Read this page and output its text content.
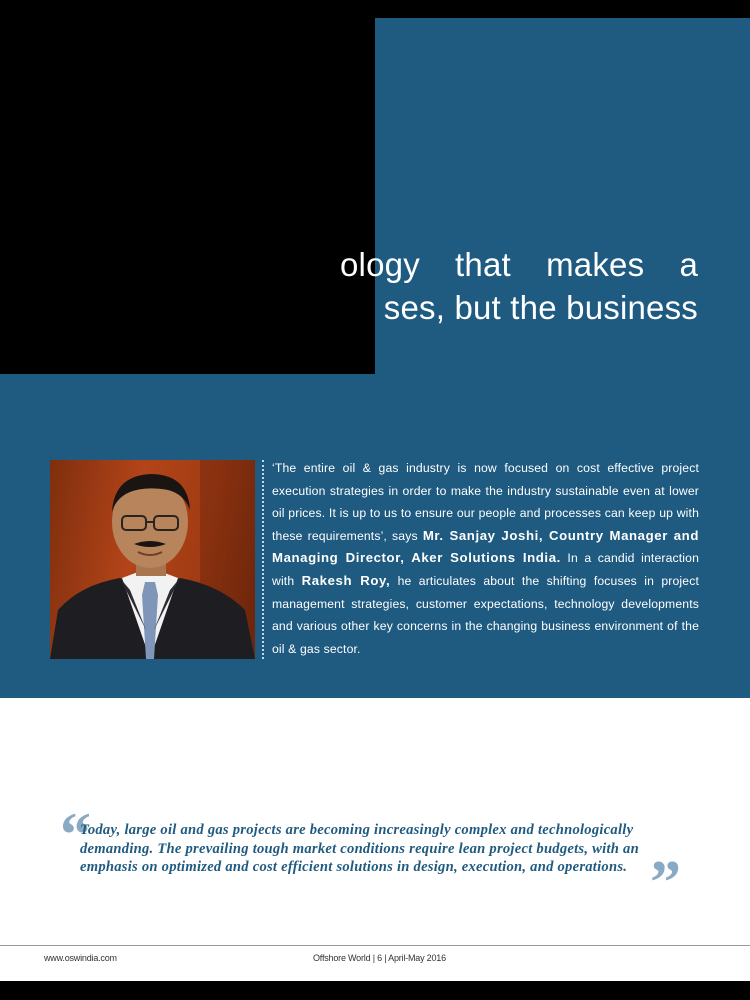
ology that makes a
ses, but the business
‘The entire oil & gas industry is now focused on cost effective project execution strategies in order to make the industry sustainable even at lower oil prices. It is up to us to ensure our people and processes can keep up with these requirements’, says Mr. Sanjay Joshi, Country Manager and Managing Director, Aker Solutions India. In a candid interaction with Rakesh Roy, he articulates about the shifting focuses in project management strategies, customer expectations, technology developments and various other key concerns in the changing business environment of the oil & gas sector.
“
Today, large oil and gas projects are becoming increasingly complex and technologically demanding. The prevailing tough market conditions require lean project budgets, with an emphasis on optimized and cost efficient solutions in design, execution, and operations. ”
www.oswindia.com	Offshore World | 6 | April-May 2016
